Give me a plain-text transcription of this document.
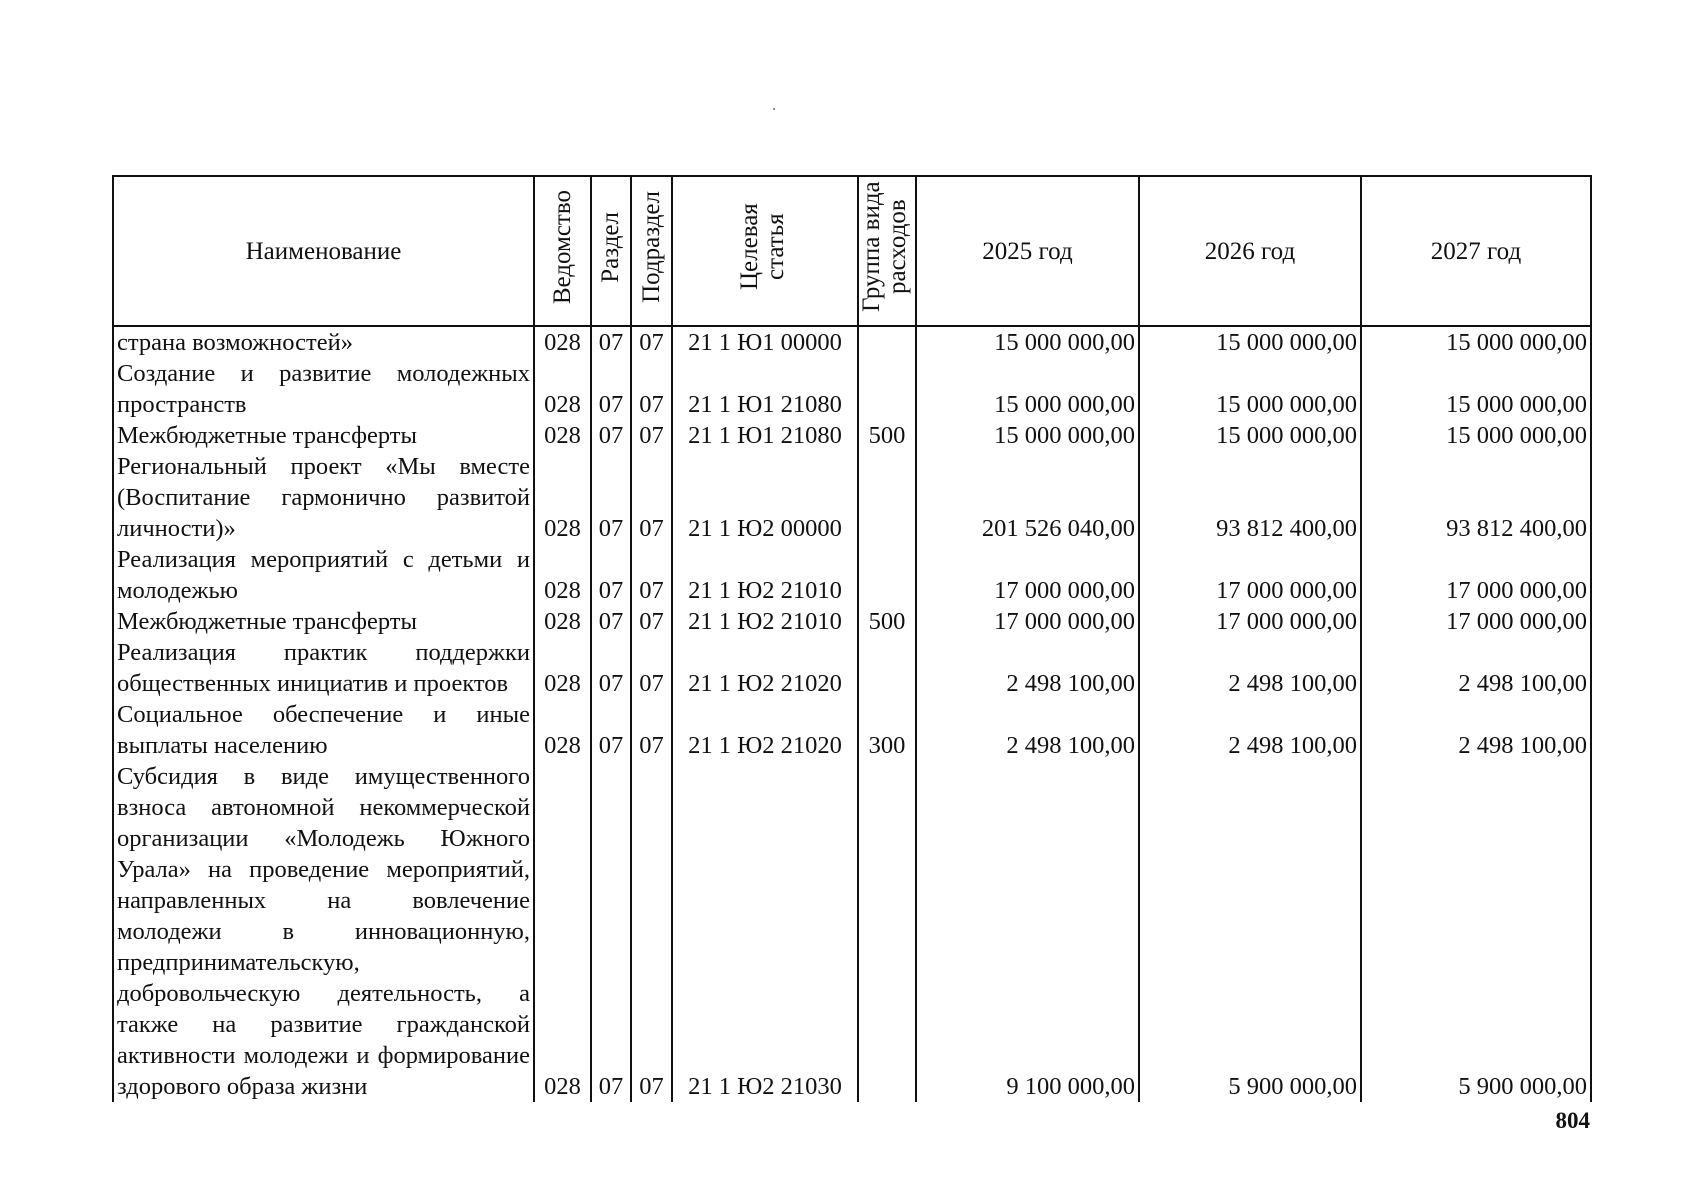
Наименование	Ведомство	Раздел	Подраздел	Целевая статья	Группа вида расходов	2025 год	2026 год	2027 год
страна возможностей»	028	07	07	21 1 Ю1 00000		15 000 000,00	15 000 000,00	15 000 000,00
Создание и развитие молодежных пространств	028	07	07	21 1 Ю1 21080		15 000 000,00	15 000 000,00	15 000 000,00
Межбюджетные трансферты	028	07	07	21 1 Ю1 21080	500	15 000 000,00	15 000 000,00	15 000 000,00
Региональный проект «Мы вместе (Воспитание гармонично развитой личности)»	028	07	07	21 1 Ю2 00000		201 526 040,00	93 812 400,00	93 812 400,00
Реализация мероприятий с детьми и молодежью	028	07	07	21 1 Ю2 21010		17 000 000,00	17 000 000,00	17 000 000,00
Межбюджетные трансферты	028	07	07	21 1 Ю2 21010	500	17 000 000,00	17 000 000,00	17 000 000,00
Реализация практик поддержки общественных инициатив и проектов	028	07	07	21 1 Ю2 21020		2 498 100,00	2 498 100,00	2 498 100,00
Социальное обеспечение и иные выплаты населению	028	07	07	21 1 Ю2 21020	300	2 498 100,00	2 498 100,00	2 498 100,00
Субсидия в виде имущественного взноса автономной некоммерческой организации «Молодежь Южного Урала» на проведение мероприятий, направленных на вовлечение молодежи в инновационную, предпринимательскую, добровольческую деятельность, а также на развитие гражданской активности молодежи и формирование здорового образа жизни	028	07	07	21 1 Ю2 21030		9 100 000,00	5 900 000,00	5 900 000,00
804
